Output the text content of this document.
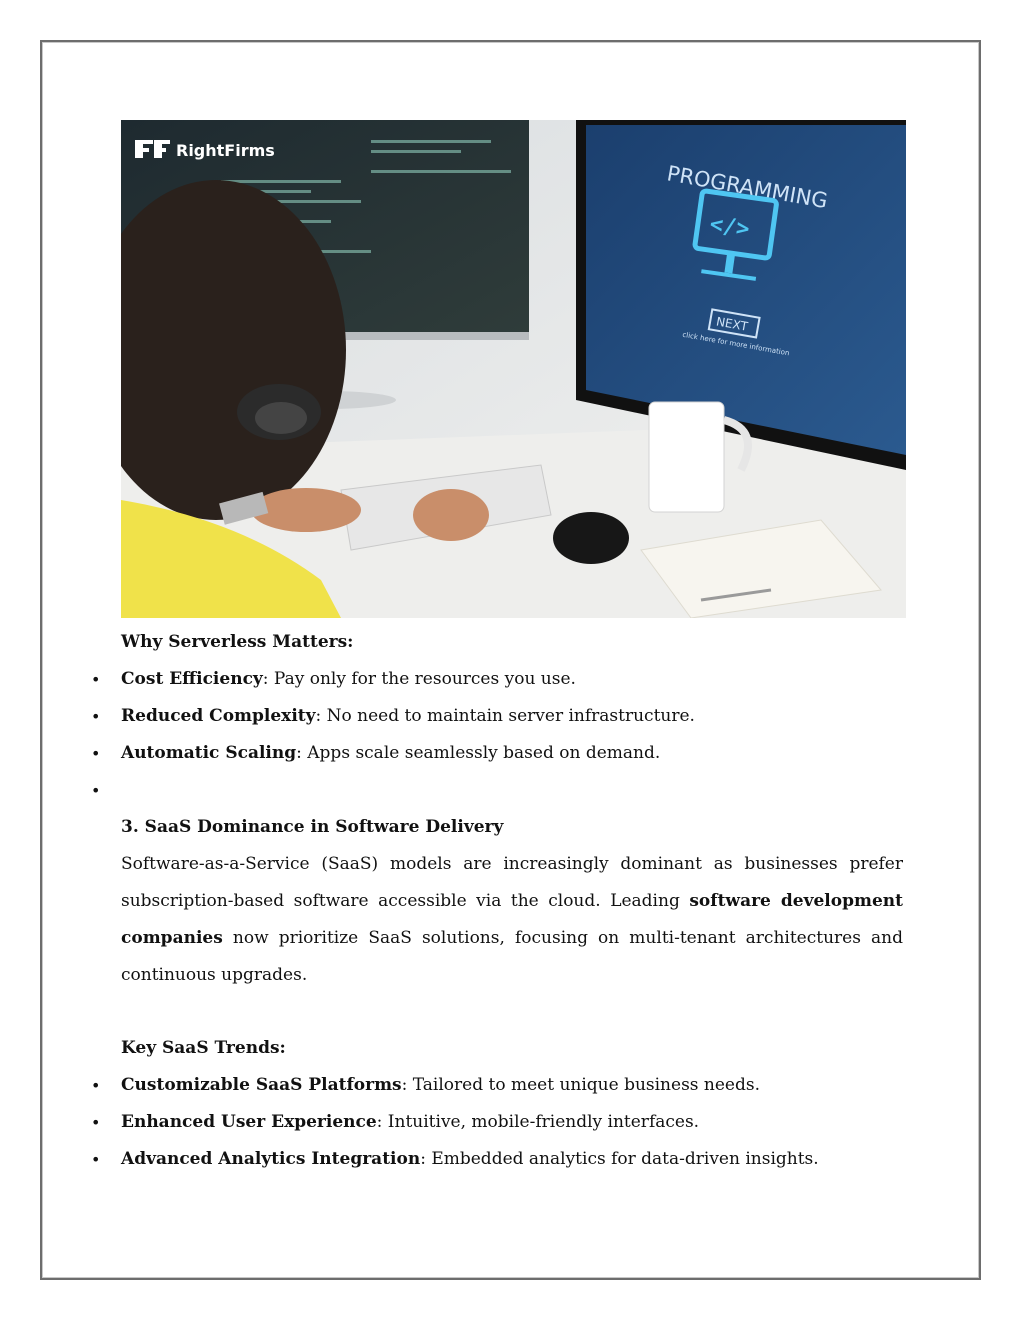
PROGRAMMING
</>
NEXT
click here for more information
RightFirms

Why Serverless Matters:

• Cost Efficiency: Pay only for the resources you use.
• Reduced Complexity: No need to maintain server infrastructure.
• Automatic Scaling: Apps scale seamlessly based on demand.
•

3. SaaS Dominance in Software Delivery

Software-as-a-Service (SaaS) models are increasingly dominant as businesses prefer subscription-based software accessible via the cloud. Leading software development companies now prioritize SaaS solutions, focusing on multi-tenant architectures and continuous upgrades.

Key SaaS Trends:

• Customizable SaaS Platforms: Tailored to meet unique business needs.
• Enhanced User Experience: Intuitive, mobile-friendly interfaces.
• Advanced Analytics Integration: Embedded analytics for data-driven insights.
